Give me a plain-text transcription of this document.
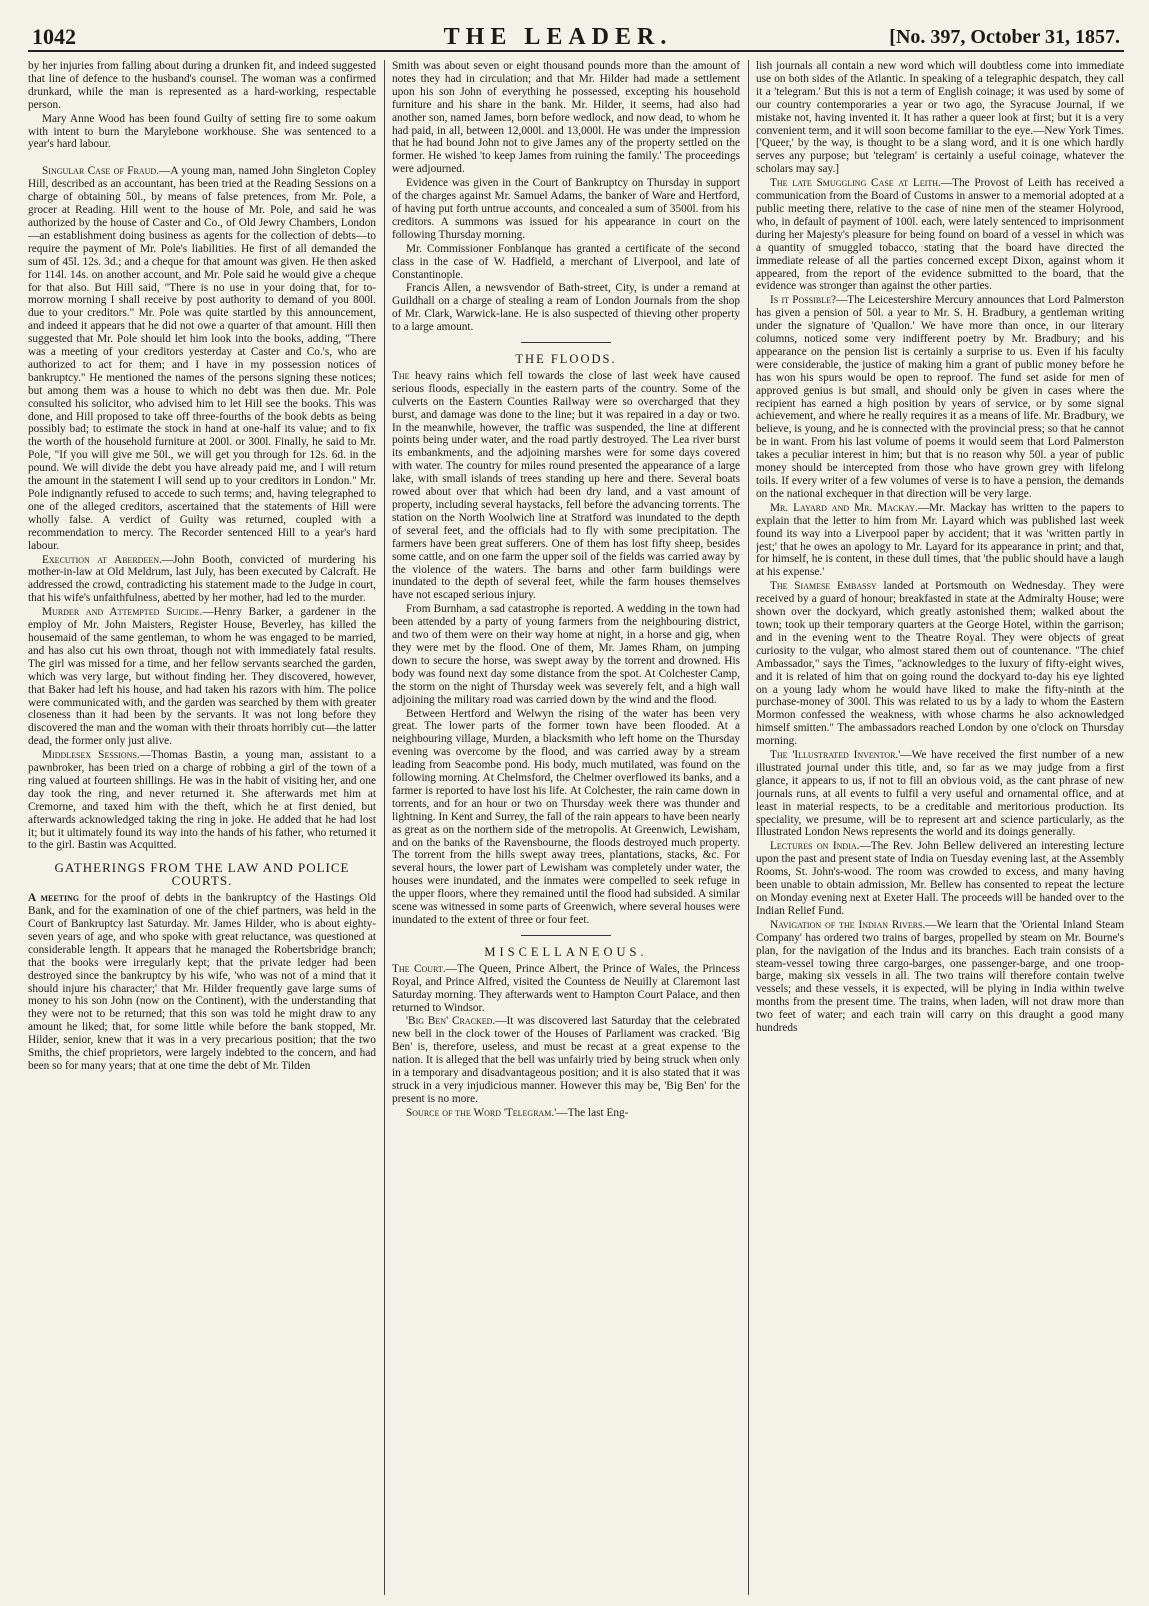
1042	THE LEADER.	[No. 397, October 31, 1857.

by her injuries from falling about during a drunken fit, and indeed suggested that line of defence to the husband's counsel. The woman was a confirmed drunkard, while the man is represented as a hard-working, respectable person.

Mary Anne Wood has been found Guilty of setting fire to some oakum with intent to burn the Marylebone workhouse. She was sentenced to a year's hard labour.

Singular Case of Fraud.—A young man, named John Singleton Copley Hill, described as an accountant, has been tried at the Reading Sessions on a charge of obtaining 50l., by means of false pretences, from Mr. Pole, a grocer at Reading. Hill went to the house of Mr. Pole, and said he was authorized by the house of Caster and Co., of Old Jewry Chambers, London—an establishment doing business as agents for the collection of debts—to require the payment of Mr. Pole's liabilities. He first of all demanded the sum of 45l. 12s. 3d.; and a cheque for that amount was given. He then asked for 114l. 14s. on another account, and Mr. Pole said he would give a cheque for that also. But Hill said, "There is no use in your doing that, for to-morrow morning I shall receive by post authority to demand of you 800l. due to your creditors." Mr. Pole was quite startled by this announcement, and indeed it appears that he did not owe a quarter of that amount. Hill then suggested that Mr. Pole should let him look into the books, adding, "There was a meeting of your creditors yesterday at Caster and Co.'s, who are authorized to act for them; and I have in my possession notices of bankruptcy." He mentioned the names of the persons signing these notices; but among them was a house to which no debt was then due. Mr. Pole consulted his solicitor, who advised him to let Hill see the books. This was done, and Hill proposed to take off three-fourths of the book debts as being possibly bad; to estimate the stock in hand at one-half its value; and to fix the worth of the household furniture at 200l. or 300l. Finally, he said to Mr. Pole, "If you will give me 50l., we will get you through for 12s. 6d. in the pound. We will divide the debt you have already paid me, and I will return the amount in the statement I will send up to your creditors in London." Mr. Pole indignantly refused to accede to such terms; and, having telegraphed to one of the alleged creditors, ascertained that the statements of Hill were wholly false. A verdict of Guilty was returned, coupled with a recommendation to mercy. The Recorder sentenced Hill to a year's hard labour.

Execution at Aberdeen.—John Booth, convicted of murdering his mother-in-law at Old Meldrum, last July, has been executed by Calcraft. He addressed the crowd, contradicting his statement made to the Judge in court, that his wife's unfaithfulness, abetted by her mother, had led to the murder.

Murder and Attempted Suicide.—Henry Barker, a gardener in the employ of Mr. John Maisters, Register House, Beverley, has killed the housemaid of the same gentleman, to whom he was engaged to be married, and has also cut his own throat, though not with immediately fatal results. The girl was missed for a time, and her fellow servants searched the garden, which was very large, but without finding her. They discovered, however, that Baker had left his house, and had taken his razors with him. The police were communicated with, and the garden was searched by them with greater closeness than it had been by the servants. It was not long before they discovered the man and the woman with their throats horribly cut—the latter dead, the former only just alive.

Middlesex Sessions.—Thomas Bastin, a young man, assistant to a pawnbroker, has been tried on a charge of robbing a girl of the town of a ring valued at fourteen shillings. He was in the habit of visiting her, and one day took the ring, and never returned it. She afterwards met him at Cremorne, and taxed him with the theft, which he at first denied, but afterwards acknowledged taking the ring in joke. He added that he had lost it; but it ultimately found its way into the hands of his father, who returned it to the girl. Bastin was Acquitted.

GATHERINGS FROM THE LAW AND POLICE COURTS.

A meeting for the proof of debts in the bankruptcy of the Hastings Old Bank, and for the examination of one of the chief partners, was held in the Court of Bankruptcy last Saturday. Mr. James Hilder, who is about eighty-seven years of age, and who spoke with great reluctance, was questioned at considerable length. It appears that he managed the Robertsbridge branch; that the books were irregularly kept; that the private ledger had been destroyed since the bankruptcy by his wife, 'who was not of a mind that it should injure his character;' that Mr. Hilder frequently gave large sums of money to his son John (now on the Continent), with the understanding that they were not to be returned; that this son was told he might draw to any amount he liked; that, for some little while before the bank stopped, Mr. Hilder, senior, knew that it was in a very precarious position; that the two Smiths, the chief proprietors, were largely indebted to the concern, and had been so for many years; that at one time the debt of Mr. Tilden

Smith was about seven or eight thousand pounds more than the amount of notes they had in circulation; and that Mr. Hilder had made a settlement upon his son John of everything he possessed, excepting his household furniture and his share in the bank. Mr. Hilder, it seems, had also had another son, named James, born before wedlock, and now dead, to whom he had paid, in all, between 12,000l. and 13,000l. He was under the impression that he had bound John not to give James any of the property settled on the former. He wished 'to keep James from ruining the family.' The proceedings were adjourned.

Evidence was given in the Court of Bankruptcy on Thursday in support of the charges against Mr. Samuel Adams, the banker of Ware and Hertford, of having put forth untrue accounts, and concealed a sum of 3500l. from his creditors. A summons was issued for his appearance in court on the following Thursday morning.

Mr. Commissioner Fonblanque has granted a certificate of the second class in the case of W. Hadfield, a merchant of Liverpool, and late of Constantinople.

Francis Allen, a newsvendor of Bath-street, City, is under a remand at Guildhall on a charge of stealing a ream of London Journals from the shop of Mr. Clark, Warwick-lane. He is also suspected of thieving other property to a large amount.

THE FLOODS.

The heavy rains which fell towards the close of last week have caused serious floods, especially in the eastern parts of the country. Some of the culverts on the Eastern Counties Railway were so overcharged that they burst, and damage was done to the line; but it was repaired in a day or two. In the meanwhile, however, the traffic was suspended, the line at different points being under water, and the road partly destroyed. The Lea river burst its embankments, and the adjoining marshes were for some days covered with water. The country for miles round presented the appearance of a large lake, with small islands of trees standing up here and there. Several boats rowed about over that which had been dry land, and a vast amount of property, including several haystacks, fell before the advancing torrents. The station on the North Woolwich line at Stratford was inundated to the depth of several feet, and the officials had to fly with some precipitation. The farmers have been great sufferers. One of them has lost fifty sheep, besides some cattle, and on one farm the upper soil of the fields was carried away by the violence of the waters. The barns and other farm buildings were inundated to the depth of several feet, while the farm houses themselves have not escaped serious injury.

From Burnham, a sad catastrophe is reported. A wedding in the town had been attended by a party of young farmers from the neighbouring district, and two of them were on their way home at night, in a horse and gig, when they were met by the flood. One of them, Mr. James Rham, on jumping down to secure the horse, was swept away by the torrent and drowned. His body was found next day some distance from the spot. At Colchester Camp, the storm on the night of Thursday week was severely felt, and a high wall adjoining the military road was carried down by the wind and the flood.

Between Hertford and Welwyn the rising of the water has been very great. The lower parts of the former town have been flooded. At a neighbouring village, Murden, a blacksmith who left home on the Thursday evening was overcome by the flood, and was carried away by a stream leading from Seacombe pond. His body, much mutilated, was found on the following morning. At Chelmsford, the Chelmer overflowed its banks, and a farmer is reported to have lost his life. At Colchester, the rain came down in torrents, and for an hour or two on Thursday week there was thunder and lightning. In Kent and Surrey, the fall of the rain appears to have been nearly as great as on the northern side of the metropolis. At Greenwich, Lewisham, and on the banks of the Ravensbourne, the floods destroyed much property. The torrent from the hills swept away trees, plantations, stacks, &c. For several hours, the lower part of Lewisham was completely under water, the houses were inundated, and the inmates were compelled to seek refuge in the upper floors, where they remained until the flood had subsided. A similar scene was witnessed in some parts of Greenwich, where several houses were inundated to the extent of three or four feet.

MISCELLANEOUS.

The Court.—The Queen, Prince Albert, the Prince of Wales, the Princess Royal, and Prince Alfred, visited the Countess de Neuilly at Claremont last Saturday morning. They afterwards went to Hampton Court Palace, and then returned to Windsor.

'Big Ben' Cracked.—It was discovered last Saturday that the celebrated new bell in the clock tower of the Houses of Parliament was cracked. 'Big Ben' is, therefore, useless, and must be recast at a great expense to the nation. It is alleged that the bell was unfairly tried by being struck when only in a temporary and disadvantageous position; and it is also stated that it was struck in a very injudicious manner. However this may be, 'Big Ben' for the present is no more.

Source of the Word 'Telegram.'—The last Eng-

lish journals all contain a new word which will doubtless come into immediate use on both sides of the Atlantic. In speaking of a telegraphic despatch, they call it a 'telegram.' But this is not a term of English coinage; it was used by some of our country contemporaries a year or two ago, the Syracuse Journal, if we mistake not, having invented it. It has rather a queer look at first; but it is a very convenient term, and it will soon become familiar to the eye.—New York Times. ['Queer,' by the way, is thought to be a slang word, and it is one which hardly serves any purpose; but 'telegram' is certainly a useful coinage, whatever the scholars may say.]

The late Smuggling Case at Leith.—The Provost of Leith has received a communication from the Board of Customs in answer to a memorial adopted at a public meeting there, relative to the case of nine men of the steamer Holyrood, who, in default of payment of 100l. each, were lately sentenced to imprisonment during her Majesty's pleasure for being found on board of a vessel in which was a quantity of smuggled tobacco, stating that the board have directed the immediate release of all the parties concerned except Dixon, against whom it appeared, from the report of the evidence submitted to the board, that the evidence was stronger than against the other parties.

Is it Possible?—The Leicestershire Mercury announces that Lord Palmerston has given a pension of 50l. a year to Mr. S. H. Bradbury, a gentleman writing under the signature of 'Quallon.' We have more than once, in our literary columns, noticed some very indifferent poetry by Mr. Bradbury; and his appearance on the pension list is certainly a surprise to us. Even if his faculty were considerable, the justice of making him a grant of public money before he has won his spurs would be open to reproof. The fund set aside for men of approved genius is but small, and should only be given in cases where the recipient has earned a high position by years of service, or by some signal achievement, and where he really requires it as a means of life. Mr. Bradbury, we believe, is young, and he is connected with the provincial press; so that he cannot be in want. From his last volume of poems it would seem that Lord Palmerston takes a peculiar interest in him; but that is no reason why 50l. a year of public money should be intercepted from those who have grown grey with lifelong toils. If every writer of a few volumes of verse is to have a pension, the demands on the national exchequer in that direction will be very large.

Mr. Layard and Mr. Mackay.—Mr. Mackay has written to the papers to explain that the letter to him from Mr. Layard which was published last week found its way into a Liverpool paper by accident; that it was 'written partly in jest;' that he owes an apology to Mr. Layard for its appearance in print; and that, for himself, he is content, in these dull times, that 'the public should have a laugh at his expense.'

The Siamese Embassy landed at Portsmouth on Wednesday. They were received by a guard of honour; breakfasted in state at the Admiralty House; were shown over the dockyard, which greatly astonished them; walked about the town; took up their temporary quarters at the George Hotel, within the garrison; and in the evening went to the Theatre Royal. They were objects of great curiosity to the vulgar, who almost stared them out of countenance. "The chief Ambassador," says the Times, "acknowledges to the luxury of fifty-eight wives, and it is related of him that on going round the dockyard to-day his eye lighted on a young lady whom he would have liked to make the fifty-ninth at the purchase-money of 300l. This was related to us by a lady to whom the Eastern Mormon confessed the weakness, with whose charms he also acknowledged himself smitten." The ambassadors reached London by one o'clock on Thursday morning.

The 'Illustrated Inventor.'—We have received the first number of a new illustrated journal under this title, and, so far as we may judge from a first glance, it appears to us, if not to fill an obvious void, as the cant phrase of new journals runs, at all events to fulfil a very useful and ornamental office, and at least in material respects, to be a creditable and meritorious production. Its speciality, we presume, will be to represent art and science particularly, as the Illustrated London News represents the world and its doings generally.

Lectures on India.—The Rev. John Bellew delivered an interesting lecture upon the past and present state of India on Tuesday evening last, at the Assembly Rooms, St. John's-wood. The room was crowded to excess, and many having been unable to obtain admission, Mr. Bellew has consented to repeat the lecture on Monday evening next at Exeter Hall. The proceeds will be handed over to the Indian Relief Fund.

Navigation of the Indian Rivers.—We learn that the 'Oriental Inland Steam Company' has ordered two trains of barges, propelled by steam on Mr. Bourne's plan, for the navigation of the Indus and its branches. Each train consists of a steam-vessel towing three cargo-barges, one passenger-barge, and one troop-barge, making six vessels in all. The two trains will therefore contain twelve vessels; and these vessels, it is expected, will be plying in India within twelve months from the present time. The trains, when laden, will not draw more than two feet of water; and each train will carry on this draught a good many hundreds
